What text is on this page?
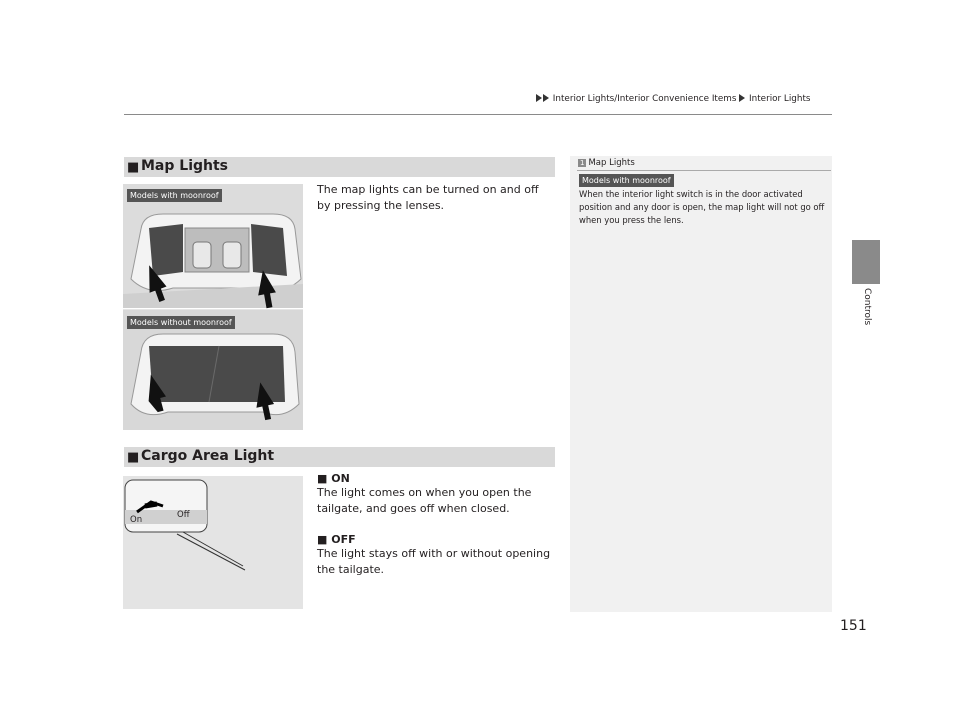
Interior Lights/Interior Convenience Items Interior Lights
Controls
■ Map Lights
Models with moonroof
Models without moonroof
The map lights can be turned on and off by pressing the lenses.
■ Cargo Area Light
On	Off
■ ON
The light comes on when you open the tailgate, and goes off when closed.
■ OFF
The light stays off with or without opening the tailgate.
1 Map Lights
Models with moonroof
When the interior light switch is in the door activated position and any door is open, the map light will not go off when you press the lens.
151
